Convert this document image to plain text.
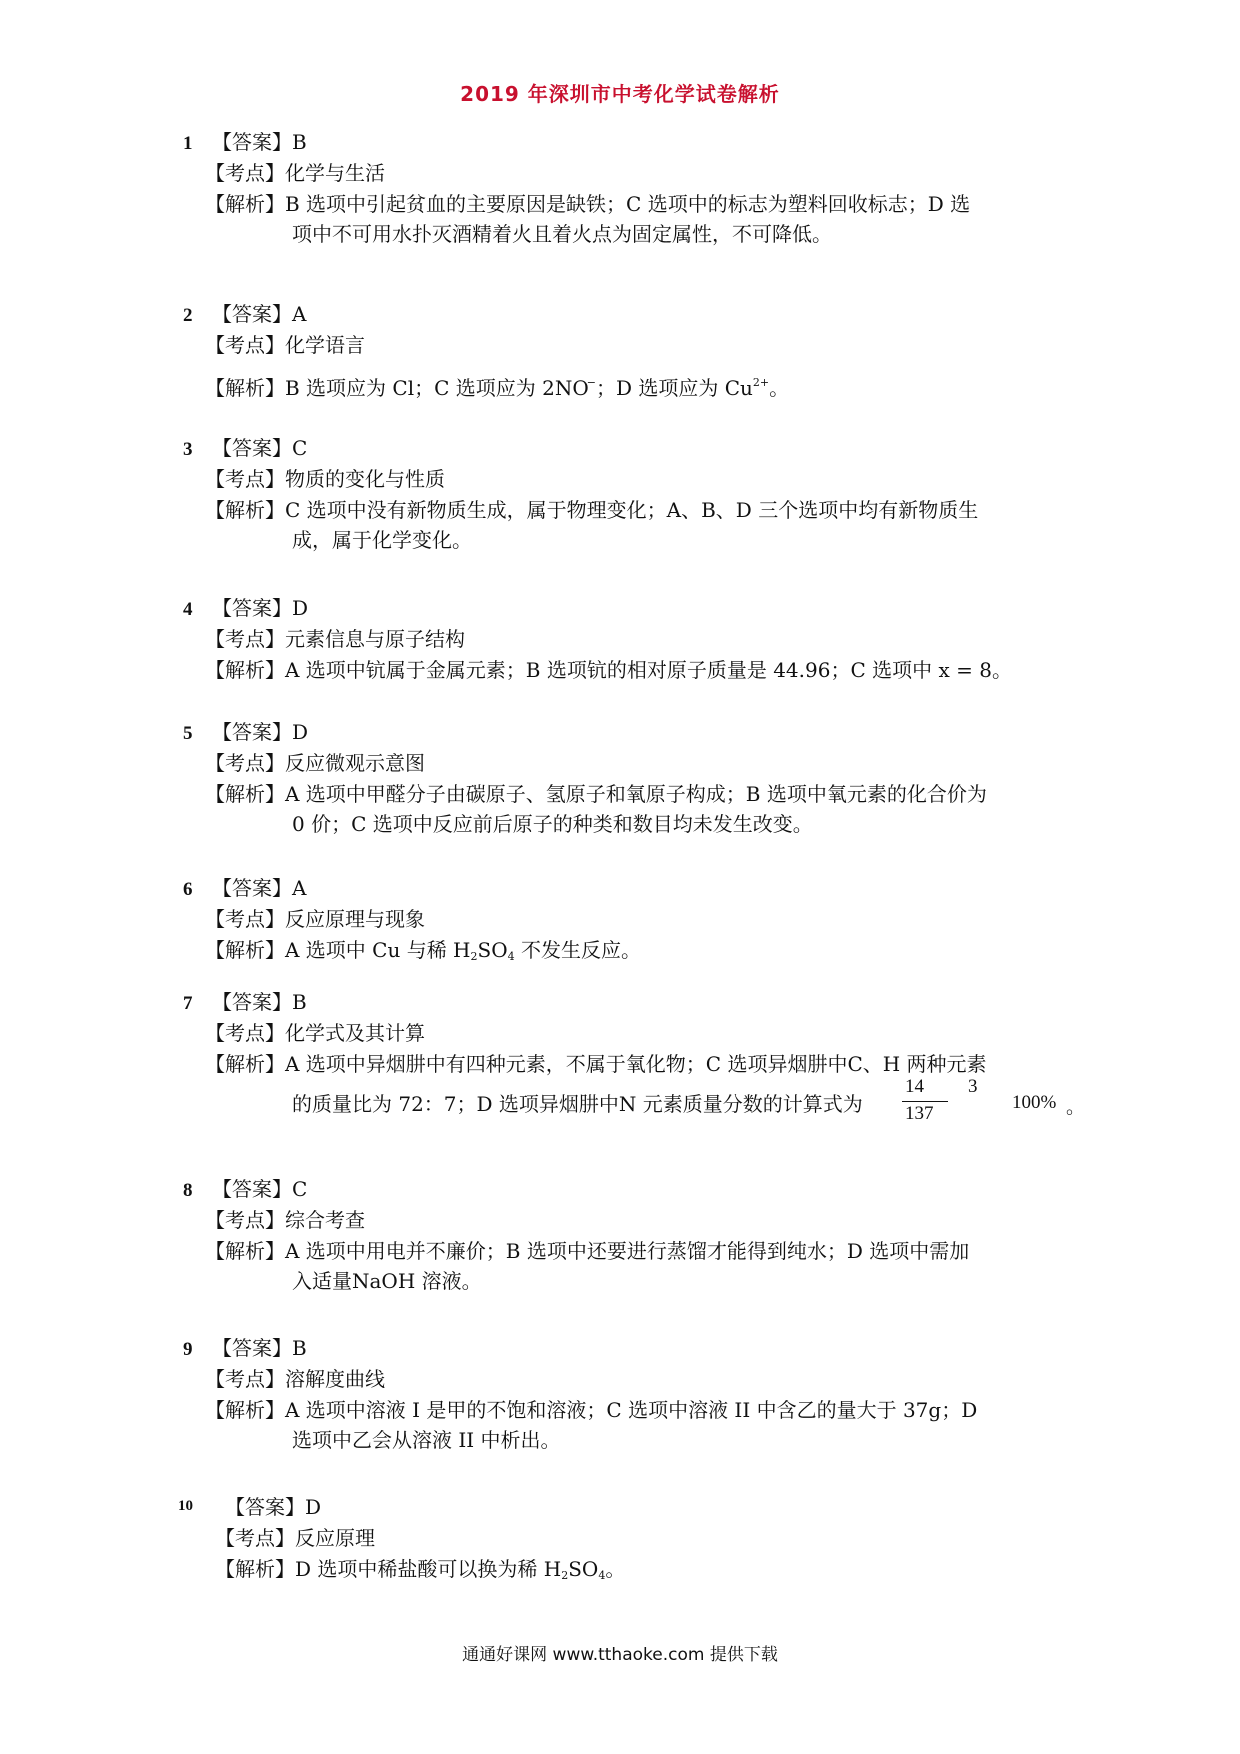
2019 年深圳市中考化学试卷解析
1 【答案】B
【考点】化学与生活
【解析】B 选项中引起贫血的主要原因是缺铁；C 选项中的标志为塑料回收标志；D 选
项中不可用水扑灭酒精着火且着火点为固定属性，不可降低。
2 【答案】A
【考点】化学语言
【解析】B 选项应为 Cl；C 选项应为 2NO−；D 选项应为 $Cu^{2+}$。
3 【答案】C
【考点】物质的变化与性质
【解析】C 选项中没有新物质生成，属于物理变化；A、B、D 三个选项中均有新物质生
成，属于化学变化。
4 【答案】D
【考点】元素信息与原子结构
【解析】A 选项中钪属于金属元素；B 选项钪的相对原子质量是 44.96；C 选项中 x = 8。
5 【答案】D
【考点】反应微观示意图
【解析】A 选项中甲醛分子由碳原子、氢原子和氧原子构成；B 选项中氧元素的化合价为
0 价；C 选项中反应前后原子的种类和数目均未发生改变。
6 【答案】A
【考点】反应原理与现象
【解析】A 选项中 Cu 与稀 $H_2SO_4$ 不发生反应。
7 【答案】B
【考点】化学式及其计算
【解析】A 选项中异烟肼中有四种元素，不属于氧化物；C 选项异烟肼中C、H 两种元素
的质量比为 72：7；D 选项异烟肼中N 元素质量分数的计算式为
14
137
3
100% 。
8 【答案】C
【考点】综合考查
【解析】A 选项中用电并不廉价；B 选项中还要进行蒸馏才能得到纯水；D 选项中需加
入适量NaOH 溶液。
9 【答案】B
【考点】溶解度曲线
【解析】A 选项中溶液 I 是甲的不饱和溶液；C 选项中溶液 II 中含乙的量大于 37g；D
选项中乙会从溶液 II 中析出。
10 【答案】D
【考点】反应原理
【解析】D 选项中稀盐酸可以换为稀 $H_2SO_4$。
通通好课网 www.tthaoke.com 提供下载
